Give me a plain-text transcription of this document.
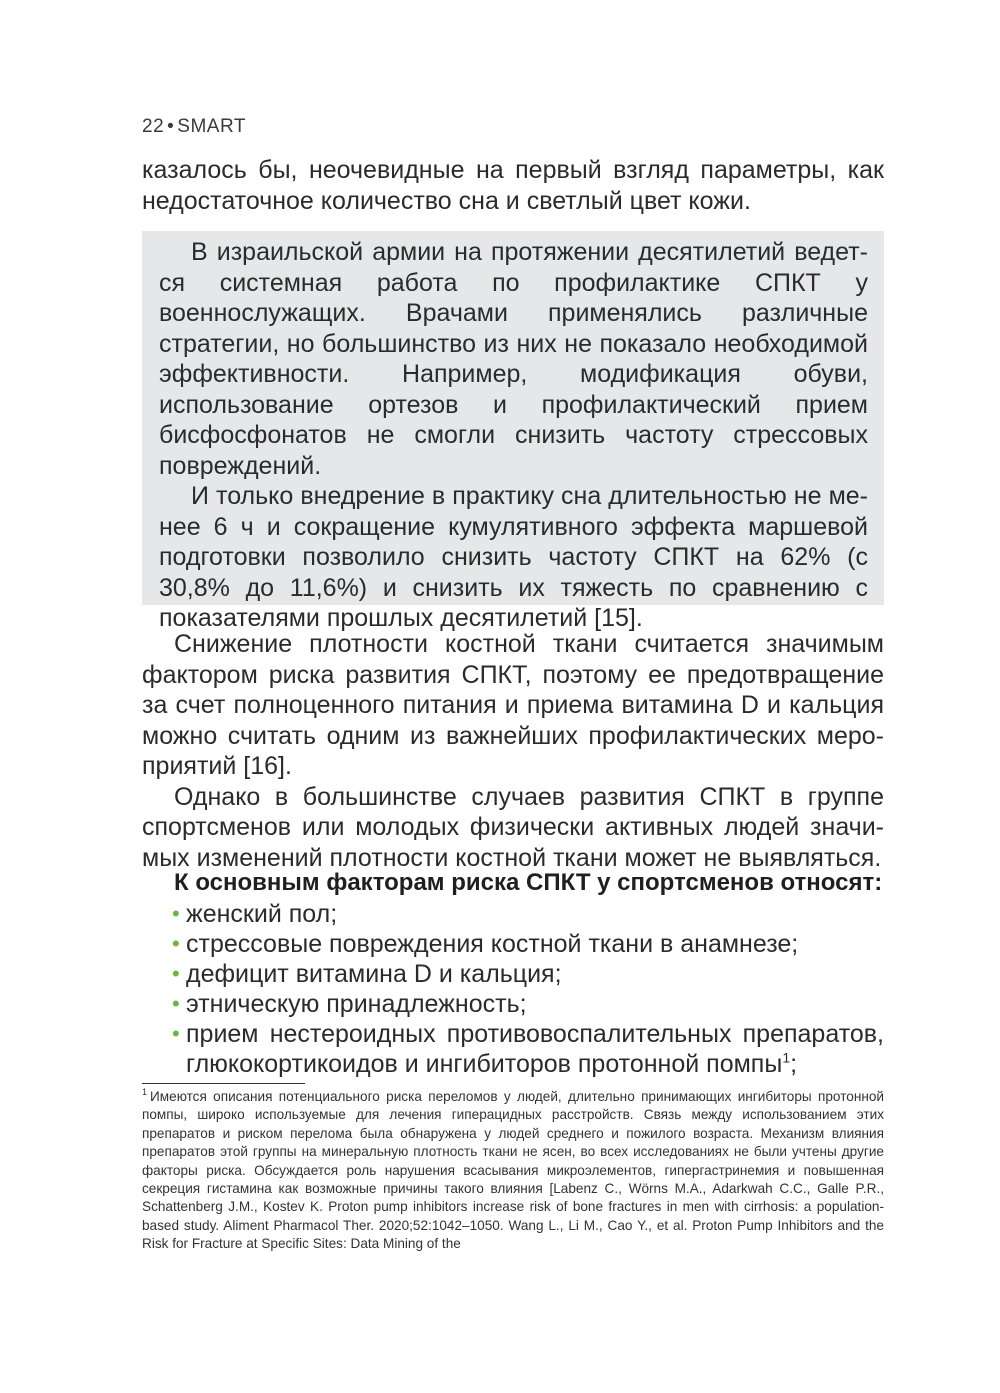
22 • SMART

казалось бы, неочевидные на первый взгляд параметры, как недостаточное количество сна и светлый цвет кожи.

В израильской армии на протяжении десятилетий ведется системная работа по профилактике СПКТ у военнослужащих. Врачами применялись различные стратегии, но большинство из них не показало необходимой эффективности. Например, модификация обуви, использование ортезов и профилактический прием бисфосфонатов не смогли снизить частоту стрессовых повреждений.

И только внедрение в практику сна длительностью не менее 6 ч и сокращение кумулятивного эффекта маршевой подготовки позволило снизить частоту СПКТ на 62% (с 30,8% до 11,6%) и снизить их тяжесть по сравнению с показателями прошлых десятилетий [15].

Снижение плотности костной ткани считается значимым фактором риска развития СПКТ, поэтому ее предотвращение за счет полноценного питания и приема витамина D и кальция можно считать одним из важнейших профилактических мероприятий [16].

Однако в большинстве случаев развития СПКТ в группе спортсменов или молодых физически активных людей значимых изменений плотности костной ткани может не выявляться.

К основным факторам риска СПКТ у спортсменов относят:
• женский пол;
• стрессовые повреждения костной ткани в анамнезе;
• дефицит витамина D и кальция;
• этническую принадлежность;
• прием нестероидных противовоспалительных препаратов, глюкокортикоидов и ингибиторов протонной помпы$^1$;

$^1$ Имеются описания потенциального риска переломов у людей, длительно принимающих ингибиторы протонной помпы, широко используемые для лечения гиперацидных расстройств. Связь между использованием этих препаратов и риском перелома была обнаружена у людей среднего и пожилого возраста. Механизм влияния препаратов этой группы на минеральную плотность ткани не ясен, во всех исследованиях не были учтены другие факторы риска. Обсуждается роль нарушения всасывания микроэлементов, гипергастринемия и повышенная секреция гистамина как возможные причины такого влияния [Labenz C., Wörns M.A., Adarkwah C.C., Galle P.R., Schattenberg J.M., Kostev K. Proton pump inhibitors increase risk of bone fractures in men with cirrhosis: a population-based study. Aliment Pharmacol Ther. 2020;52:1042–1050. Wang L., Li M., Cao Y., et al. Proton Pump Inhibitors and the Risk for Fracture at Specific Sites: Data Mining of the
